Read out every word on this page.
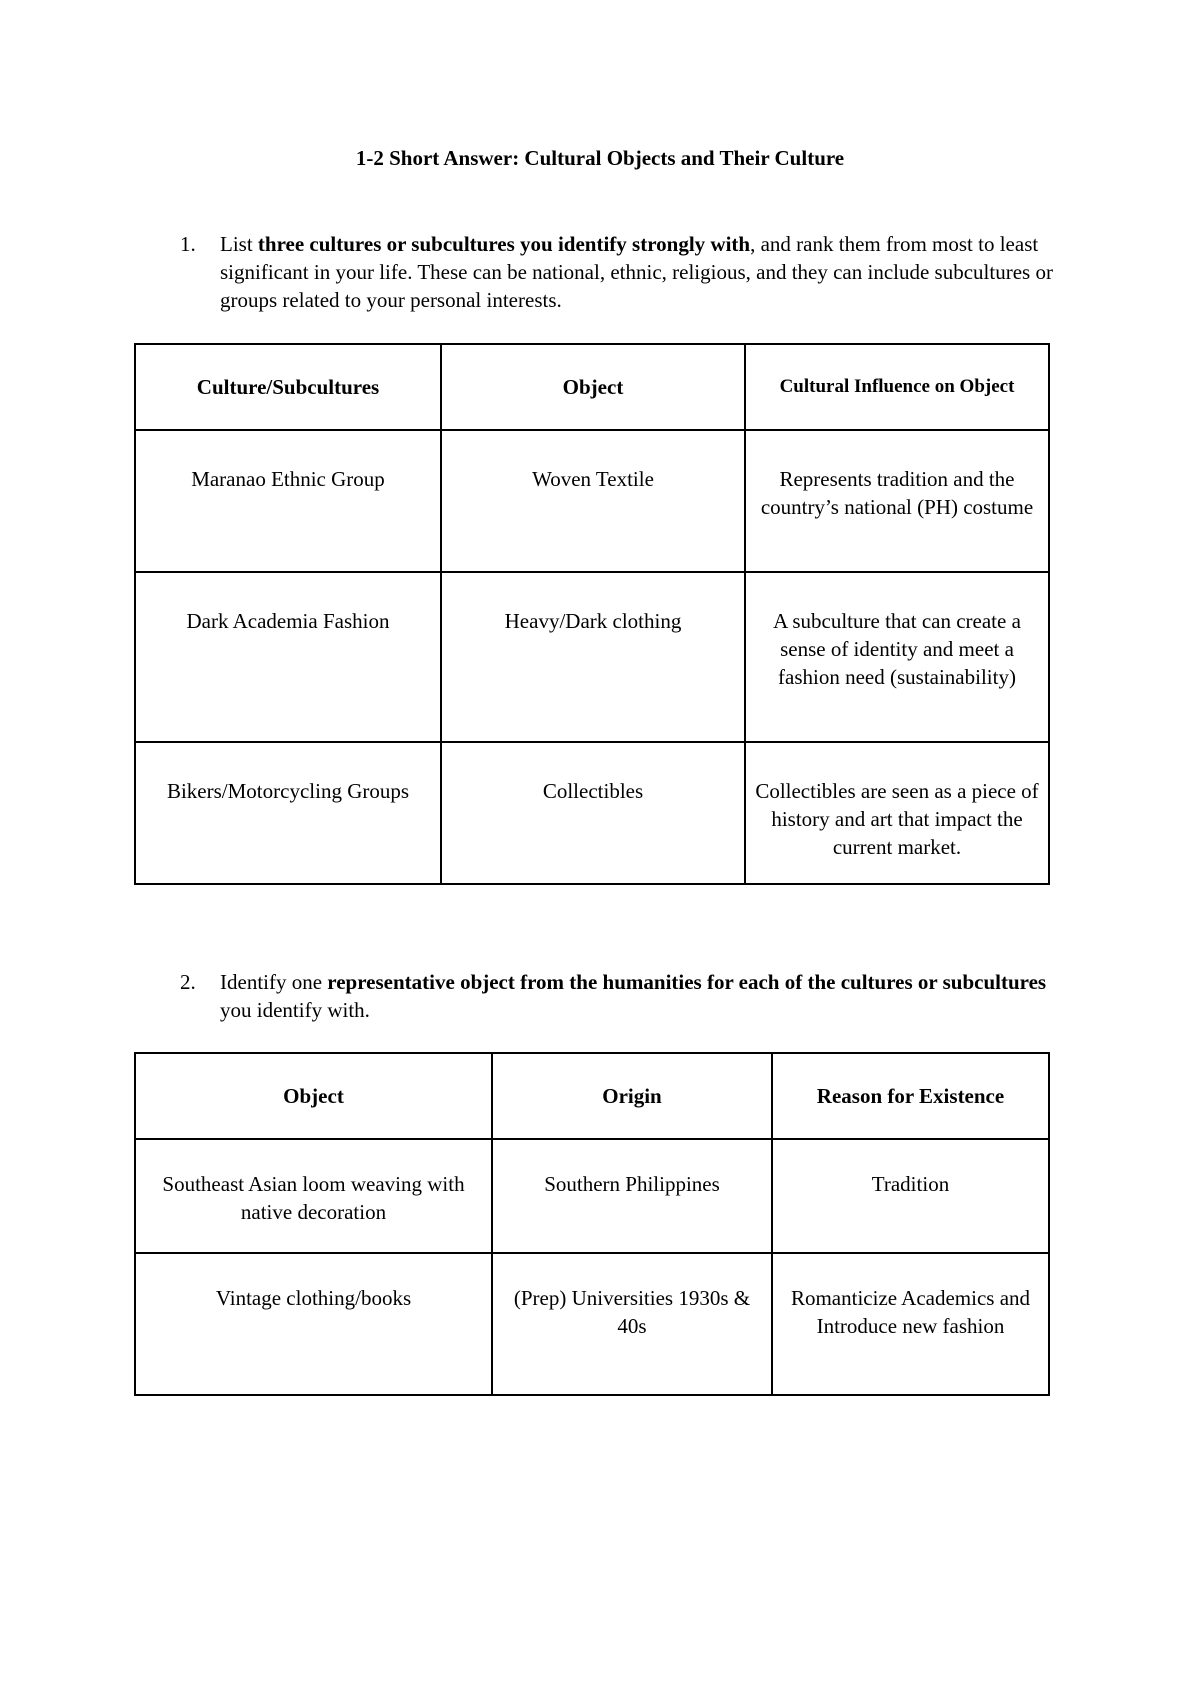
1-2 Short Answer: Cultural Objects and Their Culture
1. List three cultures or subcultures you identify strongly with, and rank them from most to least significant in your life. These can be national, ethnic, religious, and they can include subcultures or groups related to your personal interests.
Culture/Subcultures	Object	Cultural Influence on Object
Maranao Ethnic Group	Woven Textile	Represents tradition and the country’s national (PH) costume
Dark Academia Fashion	Heavy/Dark clothing	A subculture that can create a sense of identity and meet a fashion need (sustainability)
Bikers/Motorcycling Groups	Collectibles	Collectibles are seen as a piece of history and art that impact the current market.
2. Identify one representative object from the humanities for each of the cultures or subcultures you identify with.
Object	Origin	Reason for Existence
Southeast Asian loom weaving with native decoration	Southern Philippines	Tradition
Vintage clothing/books	(Prep) Universities 1930s & 40s	Romanticize Academics and Introduce new fashion
